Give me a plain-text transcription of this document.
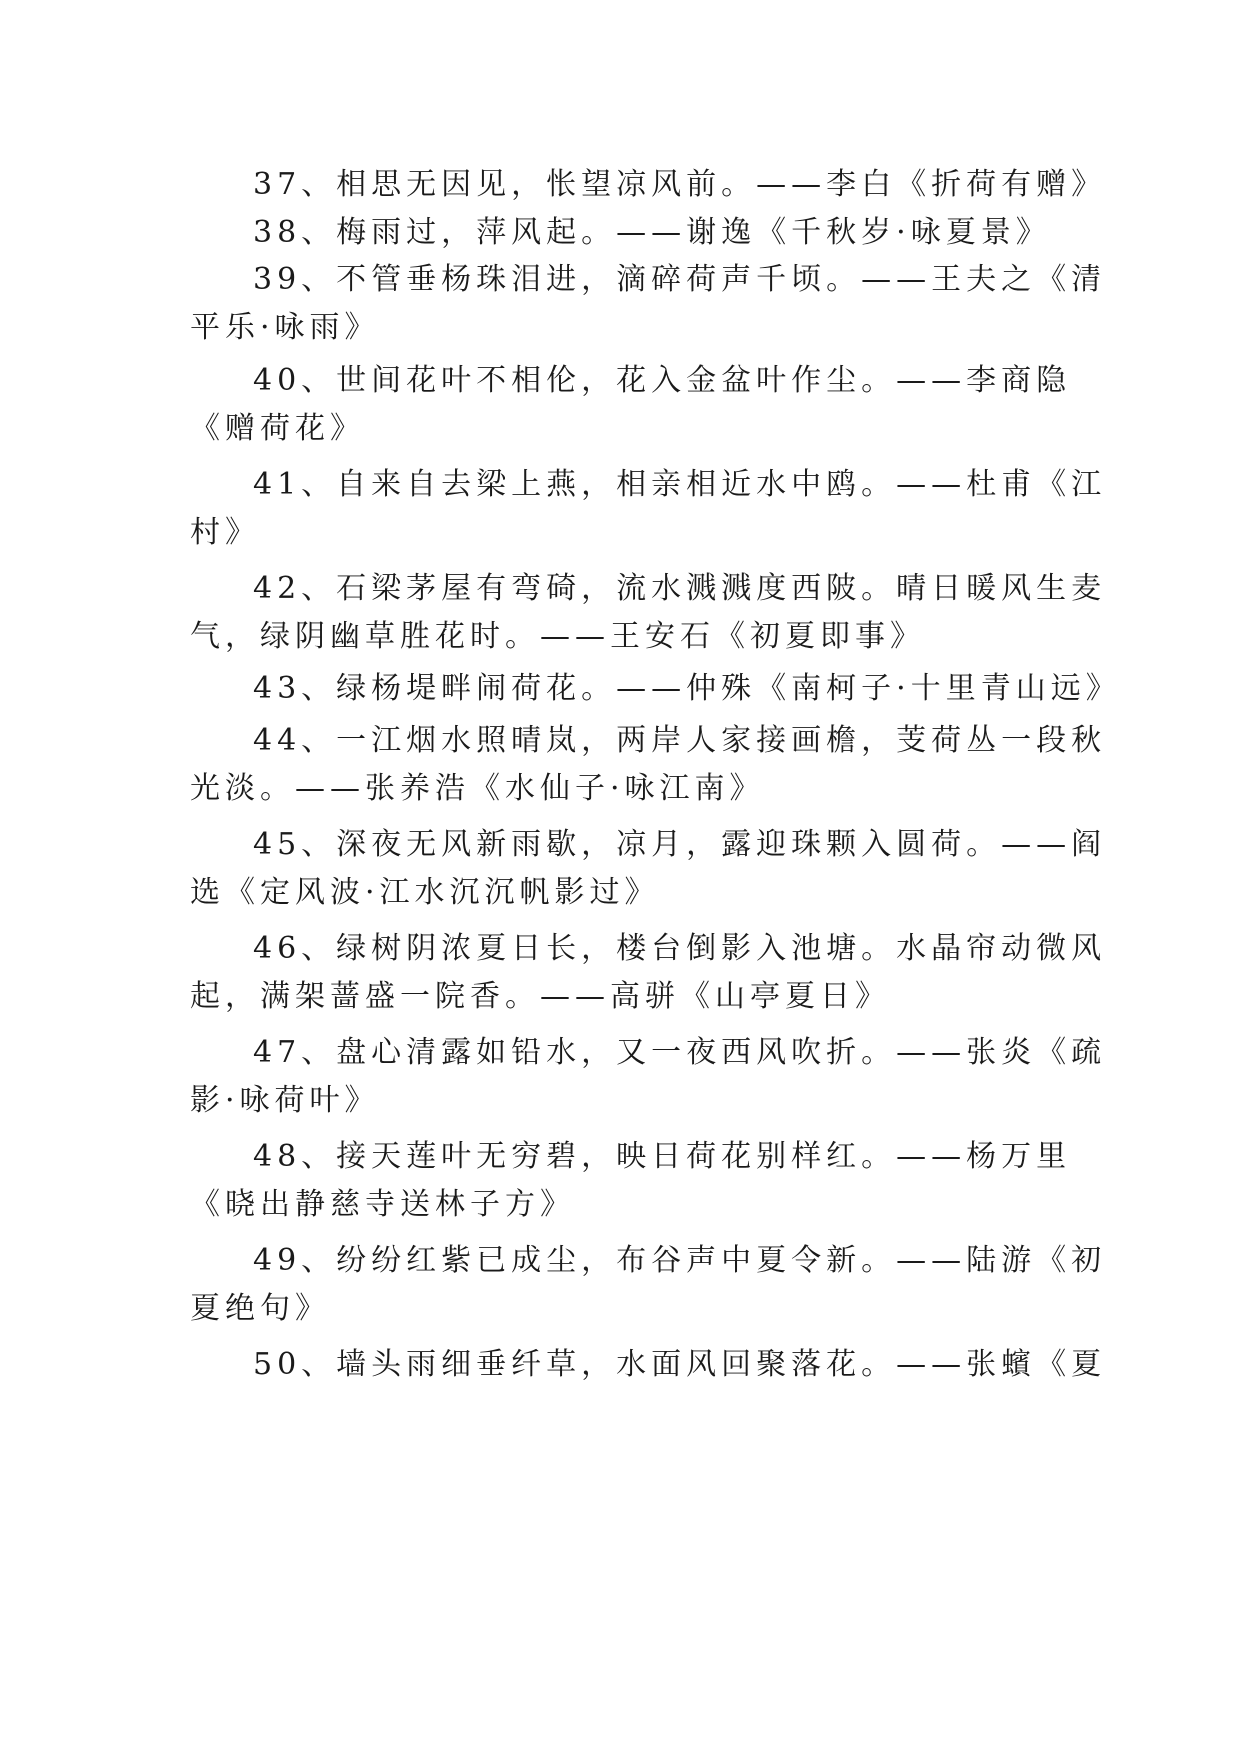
37、相思无因见，怅望凉风前。——李白《折荷有赠》
38、梅雨过，萍风起。——谢逸《千秋岁·咏夏景》
39、不管垂杨珠泪进，滴碎荷声千顷。——王夫之《清
平乐·咏雨》
40、世间花叶不相伦，花入金盆叶作尘。——李商隐
《赠荷花》
41、自来自去梁上燕，相亲相近水中鸥。——杜甫《江
村》
42、石梁茅屋有弯碕，流水溅溅度西陂。晴日暖风生麦
气，绿阴幽草胜花时。——王安石《初夏即事》
43、绿杨堤畔闹荷花。——仲殊《南柯子·十里青山远》
44、一江烟水照晴岚，两岸人家接画檐，芰荷丛一段秋
光淡。——张养浩《水仙子·咏江南》
45、深夜无风新雨歇，凉月，露迎珠颗入圆荷。——阎
选《定风波·江水沉沉帆影过》
46、绿树阴浓夏日长，楼台倒影入池塘。水晶帘动微风
起，满架蔷盛一院香。——高骈《山亭夏日》
47、盘心清露如铅水，又一夜西风吹折。——张炎《疏
影·咏荷叶》
48、接天莲叶无穷碧，映日荷花别样红。——杨万里
《晓出静慈寺送林子方》
49、纷纷红紫已成尘，布谷声中夏令新。——陆游《初
夏绝句》
50、墙头雨细垂纤草，水面风回聚落花。——张蠙《夏
